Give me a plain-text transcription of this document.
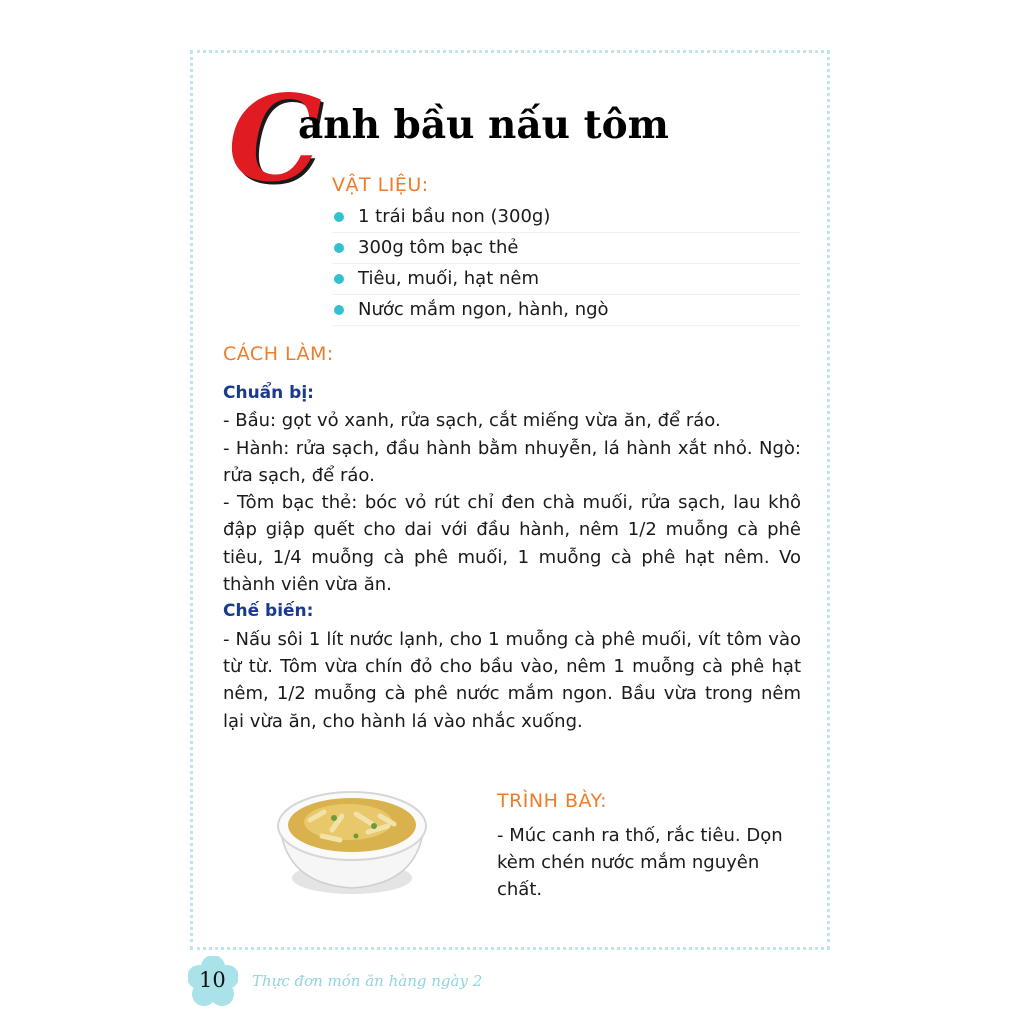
C
anh bầu nấu tôm
VẬT LIỆU:
1 trái bầu non (300g)
300g tôm bạc thẻ
Tiêu, muối, hạt nêm
Nước mắm ngon, hành, ngò
CÁCH LÀM:
Chuẩn bị:
- Bầu: gọt vỏ xanh, rửa sạch, cắt miếng vừa ăn, để ráo.
- Hành: rửa sạch, đầu hành bằm nhuyễn, lá hành xắt nhỏ. Ngò: rửa sạch, để ráo.
- Tôm bạc thẻ: bóc vỏ rút chỉ đen chà muối, rửa sạch, lau khô đập giập quết cho dai với đầu hành, nêm 1/2 muỗng cà phê tiêu, 1/4 muỗng cà phê muối, 1 muỗng cà phê hạt nêm. Vo thành viên vừa ăn.
Chế biến:
- Nấu sôi 1 lít nước lạnh, cho 1 muỗng cà phê muối, vít tôm vào từ từ. Tôm vừa chín đỏ cho bầu vào, nêm 1 muỗng cà phê hạt nêm, 1/2 muỗng cà phê nước mắm ngon. Bầu vừa trong nêm lại vừa ăn, cho hành lá vào nhắc xuống.
TRÌNH BÀY:
- Múc canh ra thố, rắc tiêu. Dọn kèm chén nước mắm nguyên chất.
10 Thực đơn món ăn hàng ngày 2
